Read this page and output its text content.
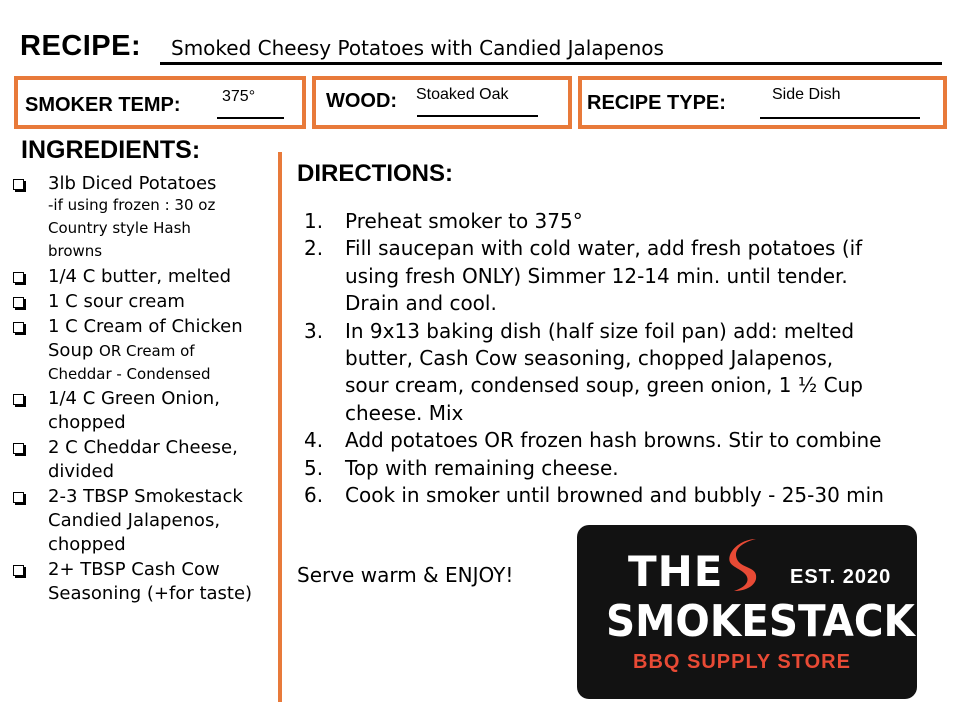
RECIPE: Smoked Cheesy Potatoes with Candied Jalapenos
SMOKER TEMP:	375°	WOOD: Stoaked Oak	RECIPE TYPE:	Side Dish
INGREDIENTS:
DIRECTIONS:
3lb Diced Potatoes
-if using frozen : 30 oz
Country style Hash
browns
1/4 C butter, melted
1 C sour cream
1 C Cream of Chicken
Soup OR Cream of
Cheddar - Condensed
1/4 C Green Onion,
chopped
2 C Cheddar Cheese,
divided
2-3 TBSP Smokestack
Candied Jalapenos,
chopped
2+ TBSP Cash Cow
Seasoning (+for taste)
1. Preheat smoker to 375°
2. Fill saucepan with cold water, add fresh potatoes (if
using fresh ONLY) Simmer 12-14 min. until tender.
Drain and cool.
3. In 9x13 baking dish (half size foil pan) add: melted
butter, Cash Cow seasoning, chopped Jalapenos,
sour cream, condensed soup, green onion, 1 ½ Cup
cheese. Mix
4. Add potatoes OR frozen hash browns. Stir to combine
5. Top with remaining cheese.
6. Cook in smoker until browned and bubbly - 25-30 min
Serve warm & ENJOY!	THE	EST. 2020
SMOKESTACK
BBQ SUPPLY STORE
